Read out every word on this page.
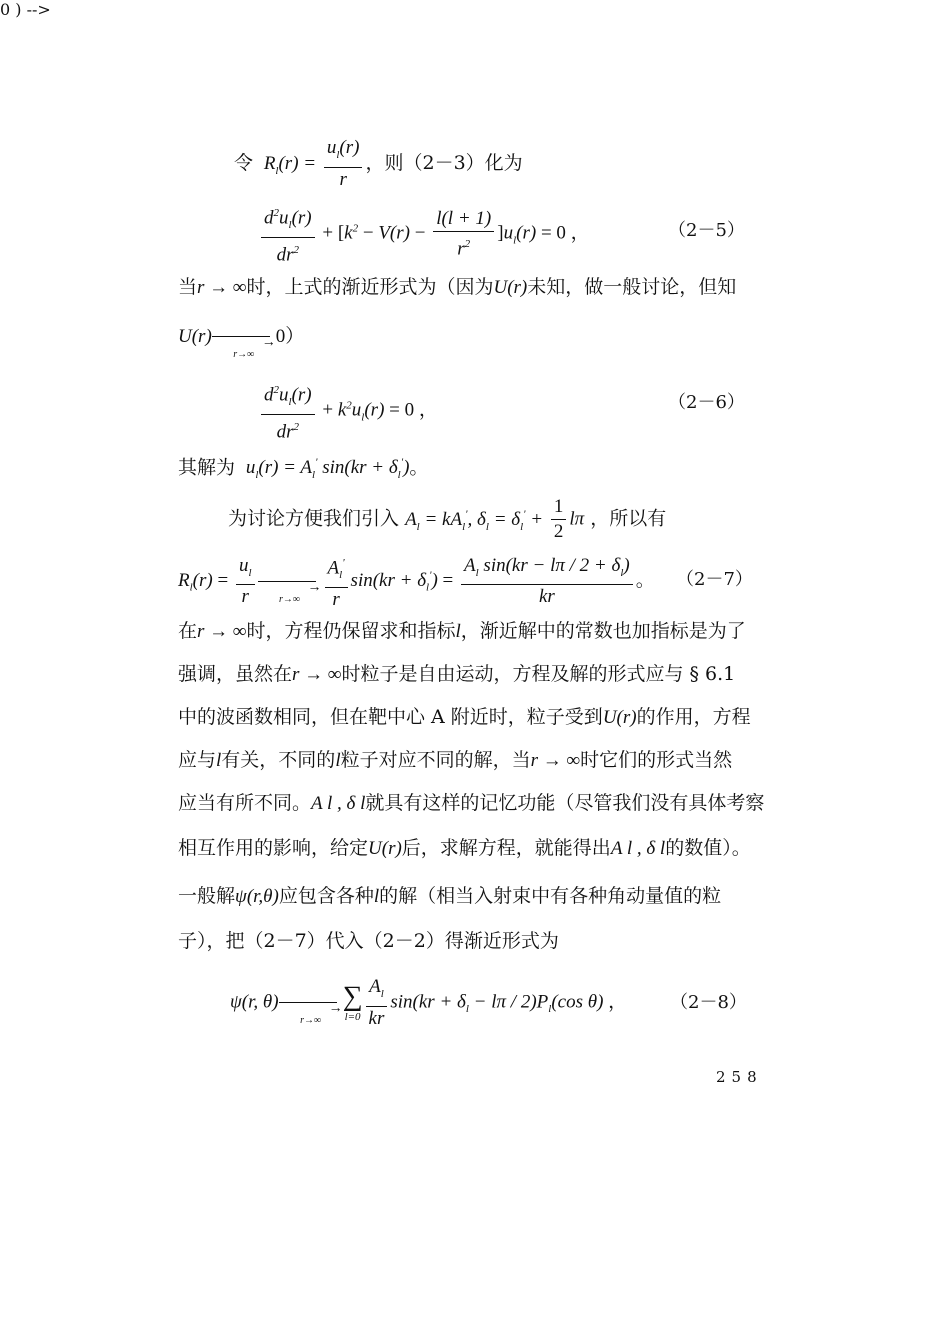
令  $R_l(r) = \frac{u_l(r)}{r}$ ，则（2－3）化为
$\frac{d^2u_l(r)}{dr^2} + [k^2 - V(r) - \frac{l(l + 1)}{r^2} ]u_l(r) = 0$ ，	（2－5）
当r → ∞时，上式的渐近形式为（因为U(r)未知，做一般讨论，但知
0 ) -->
U(r)	→
r→∞
0）
$\frac{d^2u_l(r)}{dr^2} + k^2u_l(r) = 0$ ，	（2－6）
其解为  $u_l(r) = A_l'$ $\sin(kr + \delta_l')$。
为讨论方便我们引入 $A_l = kA_l'$, $\delta_l = \delta_l' + \frac{1}{2}$ lπ ，所以有
$R_l(r) = \frac{u_l}{r}$	→
r→∞	$\frac{A_l'}{r} \sin(kr + \delta_l') = \frac{A_l \sin(kr - l\pi / 2 + \delta_l)}{kr}$ 。 （2－7）
在r → ∞时，方程仍保留求和指标l，渐近解中的常数也加指标是为了
强调，虽然在r → ∞时粒子是自由运动，方程及解的形式应与 § 6.1
中的波函数相同，但在靶中心 A 附近时，粒子受到U(r)的作用，方程
应与l有关，不同的l粒子对应不同的解，当r → ∞时它们的形式当然
应当有所不同。A l , δ l就具有这样的记忆功能（尽管我们没有具体考察
相互作用的影响，给定U(r)后，求解方程，就能得出A l , δ l的数值）。
一般解ψ(r,θ)应包含各种l的解（相当入射束中有各种角动量值的粒
子），把（2－7）代入（2－2）得渐近形式为
ψ(r, θ)	→
r→∞
∑
$l=0 \frac{A_l}{kr} \sin(kr + \delta_l - l\pi / 2)P_l(\cos$ θ) ， （2－8）
258
